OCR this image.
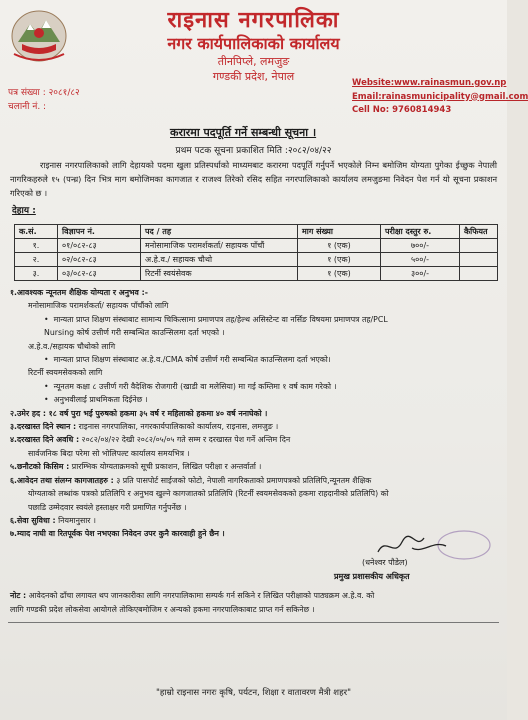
राइनास नगरपालिका
नगर कार्यपालिकाको कार्यालय
तीनपिप्ले, लमजुङ
गण्डकी प्रदेश, नेपाल
पत्र संख्या : २०८१/८२
चलानी नं. :
Website:www.rainasmun.gov.np
Email:rainasmunicipality@gmail.com
Cell No: 9760814943
करारमा पदपूर्ति गर्ने सम्बन्धी सूचना ।
प्रथम पटक सूचना प्रकाशित मिति :२०८२/०४/२२
राइनास नगरपालिकाको लागि देहायको पदमा खुला प्रतिस्पर्धाको माध्यमबाट करारमा पदपूर्ति गर्नुपर्ने भएकोले निम्न बमोजिम योग्यता पुगेका ईच्छुक नेपाली नागरिकहरुले १५ (पन्ध्र) दिन भित्र माग बमोजिमका कागजात र राजश्व तिरेको रसिद सहित नगरपालिकाको कार्यालय लमजुङमा निवेदन पेश गर्न यो सूचना प्रकाशन गरिएको छ ।
देहाय :
क.सं.	विज्ञापन नं.	पद / तह	माग संख्या	परीक्षा दस्तुर रु.	कैफियत
१.	०१/०८२-८३	मनोसामाजिक परामर्शकर्ता/ सहायक पाँचौं	१ (एक)	७००/-	
२.	०२/०८२-८३	अ.हे.व./ सहायक चौथो	१ (एक)	५००/-	
३.	०३/०८२-८३	रिटर्नी स्वयंसेवक	१ (एक)	३००/-	
१.आवश्यक न्यूनतम शैक्षिक योग्यता र अनुभव :-
मनोसामाजिक परामर्शकर्ता/ सहायक पाँचौंको लागि
• मान्यता प्राप्त शिक्षण संस्थाबाट सामान्य चिकित्सामा प्रमाणपत्र तह/हेल्थ असिस्टेन्ट वा नर्सिङ विषयमा प्रमाणपत्र तह/PCL
Nursing कोर्ष उत्तीर्ण गरी सम्बन्धित काउन्सिलमा दर्ता भएको ।
अ.हे.व./सहायक चौथोको लागि
• मान्यता प्राप्त शिक्षण संस्थाबाट अ.हे.व./CMA कोर्ष उत्तीर्ण गरी सम्बन्धित काउन्सिलमा दर्ता भएको।
रिटर्नी स्वयमसेवकको लागि
• न्यूनतम कक्षा ८ उत्तीर्ण गरी वैदेशिक रोजगारी (खाडी वा मलेसिया) मा गई कम्तिमा १ वर्ष काम गरेको ।
• अनुभवीलाई प्राथमिकता दिईनेछ ।
२.उमेर हद : १८ वर्ष पुरा भई पुरुषको हकमा ३५ वर्ष र महिलाको हकमा ४० वर्ष ननाघेको ।
३.दरखास्त दिने स्थान : राइनास नगरपालिका, नगरकार्यपालिकाको कार्यालय, राइनास, लमजुङ ।
४.दरखास्त दिने अवधि : २०८२/०४/२२ देखी २०८२/०५/०५ गते सम्म र दरखास्त पेश गर्ने अन्तिम दिन
सार्वजनिक बिदा परेमा सो भोलिपल्ट कार्यालय समयभित्र ।
५.छनौटको किसिम : प्रारम्भिक योग्यताक्रमको सूची प्रकाशन, लिखित परीक्षा र अन्तर्वार्ता ।
६.आवेदन तथा संलग्न कागजातहरु : ३ प्रति पासपोर्ट साईजको फोटो, नेपाली नागरिकताको प्रमाणपत्रको प्रतिलिपि,न्यूनतम शैक्षिक
योग्यताको लब्धांक पत्रको प्रतिलिपि र अनुभव खुल्ने कागजातको प्रतिलिपि (रिटर्नी स्वयमसेवकको हकमा राहदानीको प्रतिलिपि) को
पछाडि उम्मेदवार स्वयंले हस्ताक्षर गरी प्रमाणित गर्नुपर्नेछ ।
६.सेवा सुविधा : नियमानुसार ।
७.म्याद नाघी वा रितपूर्वक पेश नभएका निवेदन उपर कुनै कारवाही हुने छैन ।
(धनेश्वर पौडेल)
प्रमुख प्रशासकीय अधिकृत
नोट : आवेदनको ढाँचा लगायत थप जानकारीका लागि नगरपालिकामा सम्पर्क गर्न सकिने र लिखित परीक्षाको पाठ्यक्रम अ.हे.व. को
लागि गण्डकी प्रदेश लोकसेवा आयोगले तोकिएबमोजिम र अन्यको हकमा नगरपालिकाबाट प्राप्त गर्न सकिनेछ ।
"हाम्रो राइनास नगरः कृषि, पर्यटन, शिक्षा र वातावरण मैत्री शहर"
